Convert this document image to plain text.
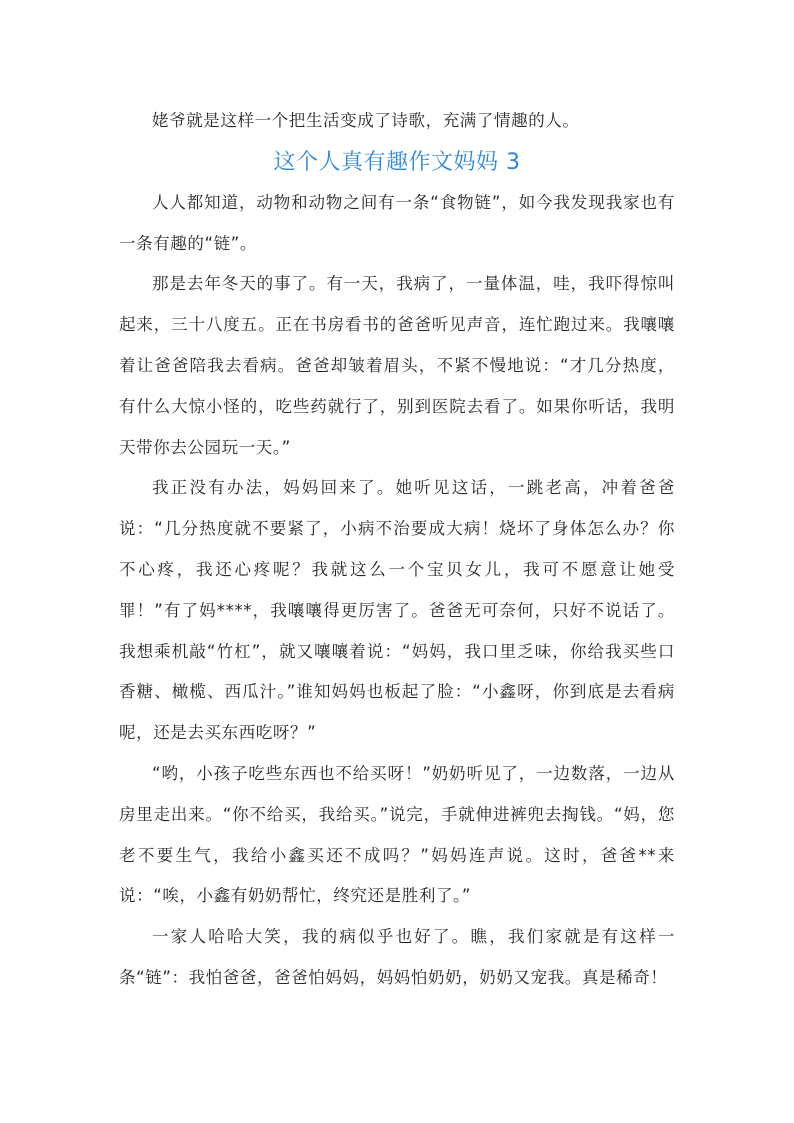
姥爷就是这样一个把生活变成了诗歌，充满了情趣的人。

这个人真有趣作文妈妈 3

人人都知道，动物和动物之间有一条“食物链”，如今我发现我家也有一条有趣的“链”。

那是去年冬天的事了。有一天，我病了，一量体温，哇，我吓得惊叫起来，三十八度五。正在书房看书的爸爸听见声音，连忙跑过来。我嚷嚷着让爸爸陪我去看病。爸爸却皱着眉头，不紧不慢地说：“才几分热度，有什么大惊小怪的，吃些药就行了，别到医院去看了。如果你听话，我明天带你去公园玩一天。”

我正没有办法，妈妈回来了。她听见这话，一跳老高，冲着爸爸说：“几分热度就不要紧了，小病不治要成大病！烧坏了身体怎么办？你不心疼，我还心疼呢？我就这么一个宝贝女儿，我可不愿意让她受罪！”有了妈****，我嚷嚷得更厉害了。爸爸无可奈何，只好不说话了。我想乘机敲“竹杠”，就又嚷嚷着说：“妈妈，我口里乏味，你给我买些口香糖、橄榄、西瓜汁。”谁知妈妈也板起了脸：“小鑫呀，你到底是去看病呢，还是去买东西吃呀？”

“哟，小孩子吃些东西也不给买呀！”奶奶听见了，一边数落，一边从房里走出来。“你不给买，我给买。”说完，手就伸进裤兜去掏钱。“妈，您老不要生气，我给小鑫买还不成吗？”妈妈连声说。这时，爸爸**来说：“唉，小鑫有奶奶帮忙，终究还是胜利了。”

一家人哈哈大笑，我的病似乎也好了。瞧，我们家就是有这样一条“链”：我怕爸爸，爸爸怕妈妈，妈妈怕奶奶，奶奶又宠我。真是稀奇！
